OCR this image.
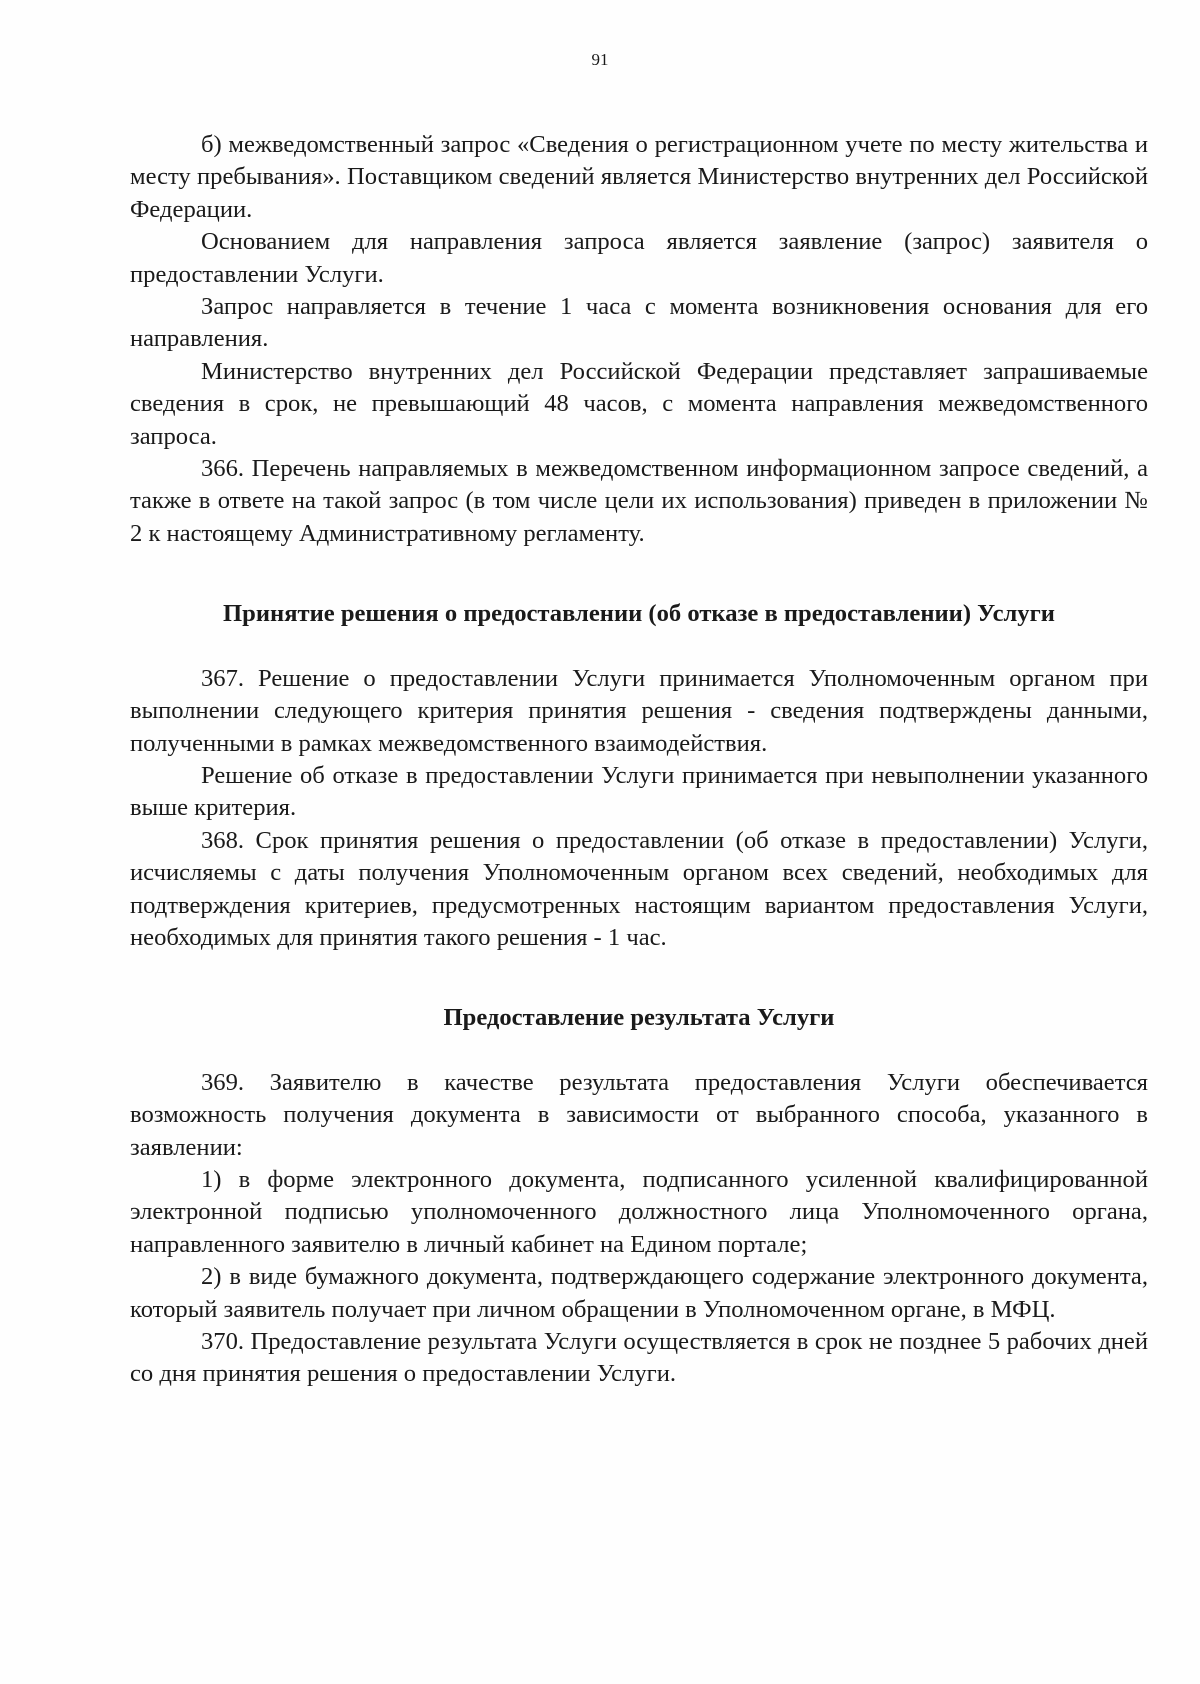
91

б) межведомственный запрос «Сведения о регистрационном учете по месту жительства и месту пребывания». Поставщиком сведений является Министерство внутренних дел Российской Федерации.

Основанием для направления запроса является заявление (запрос) заявителя о предоставлении Услуги.

Запрос направляется в течение 1 часа с момента возникновения основания для его направления.

Министерство внутренних дел Российской Федерации представляет запрашиваемые сведения в срок, не превышающий 48 часов, с момента направления межведомственного запроса.

366. Перечень направляемых в межведомственном информационном запросе сведений, а также в ответе на такой запрос (в том числе цели их использования) приведен в приложении № 2 к настоящему Административному регламенту.

Принятие решения о предоставлении (об отказе в предоставлении) Услуги

367. Решение о предоставлении Услуги принимается Уполномоченным органом при выполнении следующего критерия принятия решения - сведения подтверждены данными, полученными в рамках межведомственного взаимодействия.

Решение об отказе в предоставлении Услуги принимается при невыполнении указанного выше критерия.

368. Срок принятия решения о предоставлении (об отказе в предоставлении) Услуги, исчисляемы с даты получения Уполномоченным органом всех сведений, необходимых для подтверждения критериев, предусмотренных настоящим вариантом предоставления Услуги, необходимых для принятия такого решения - 1 час.

Предоставление результата Услуги

369. Заявителю в качестве результата предоставления Услуги обеспечивается возможность получения документа в зависимости от выбранного способа, указанного в заявлении:

1) в форме электронного документа, подписанного усиленной квалифицированной электронной подписью уполномоченного должностного лица Уполномоченного органа, направленного заявителю в личный кабинет на Едином портале;

2) в виде бумажного документа, подтверждающего содержание электронного документа, который заявитель получает при личном обращении в Уполномоченном органе, в МФЦ.

370. Предоставление результата Услуги осуществляется в срок не позднее 5 рабочих дней со дня принятия решения о предоставлении Услуги.
